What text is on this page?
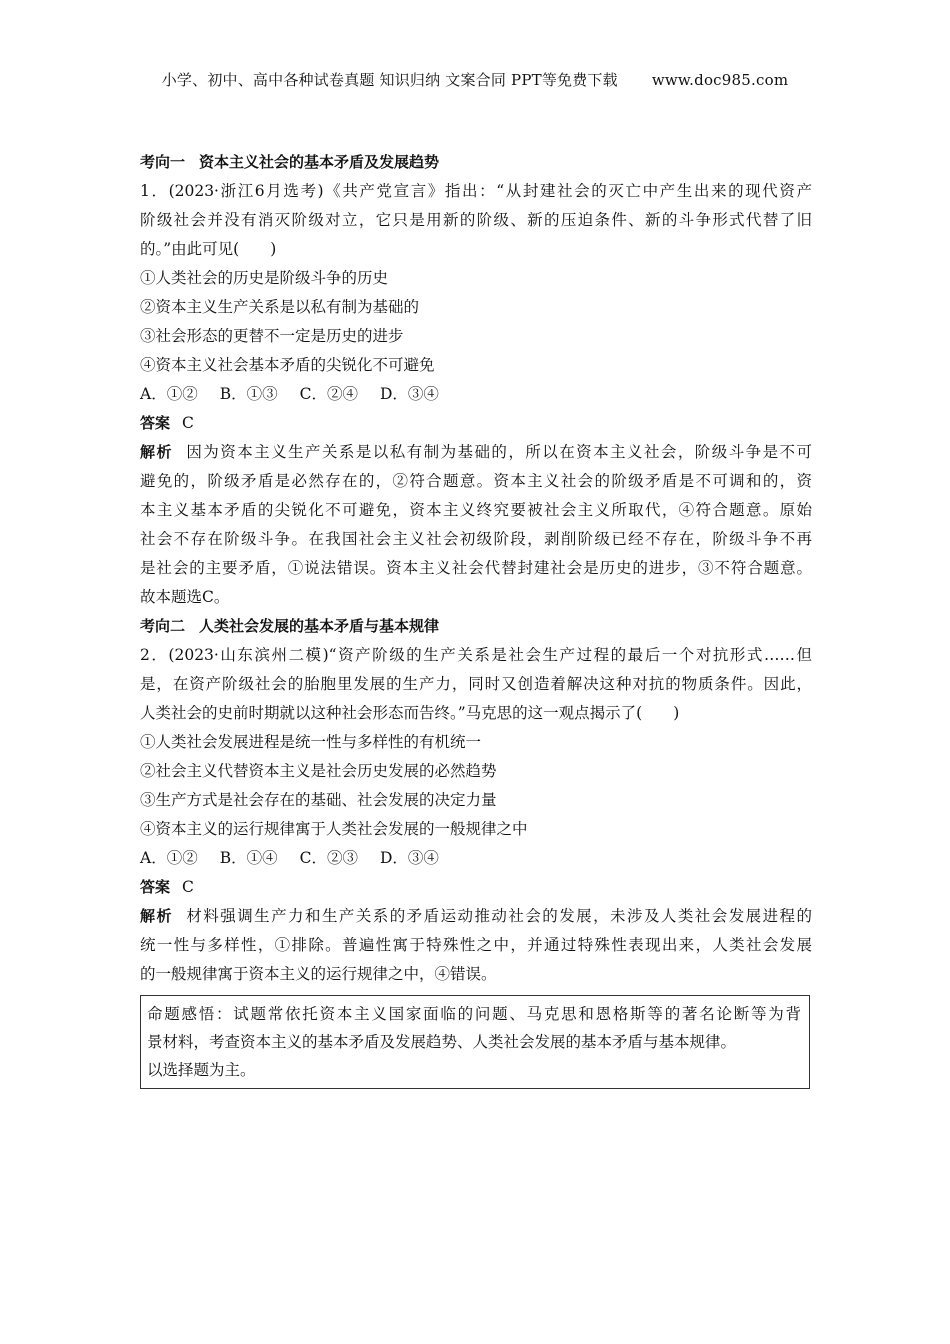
小学、初中、高中各种试卷真题 知识归纳 文案合同 PPT等免费下载 www.doc985.com
考向一 资本主义社会的基本矛盾及发展趋势
1．(2023·浙江6月选考)《共产党宣言》指出：“从封建社会的灭亡中产生出来的现代资产
阶级社会并没有消灭阶级对立，它只是用新的阶级、新的压迫条件、新的斗争形式代替了旧
的。”由此可见(　　)
①人类社会的历史是阶级斗争的历史
②资本主义生产关系是以私有制为基础的
③社会形态的更替不一定是历史的进步
④资本主义社会基本矛盾的尖锐化不可避免
A．①② B．①③ C．②④ D．③④
答案 C
解析 因为资本主义生产关系是以私有制为基础的，所以在资本主义社会，阶级斗争是不可
避免的，阶级矛盾是必然存在的，②符合题意。资本主义社会的阶级矛盾是不可调和的，资
本主义基本矛盾的尖锐化不可避免，资本主义终究要被社会主义所取代，④符合题意。原始
社会不存在阶级斗争。在我国社会主义社会初级阶段，剥削阶级已经不存在，阶级斗争不再
是社会的主要矛盾，①说法错误。资本主义社会代替封建社会是历史的进步，③不符合题意。
故本题选C。
考向二 人类社会发展的基本矛盾与基本规律
2．(2023·山东滨州二模)“资产阶级的生产关系是社会生产过程的最后一个对抗形式……但
是，在资产阶级社会的胎胞里发展的生产力，同时又创造着解决这种对抗的物质条件。因此，
人类社会的史前时期就以这种社会形态而告终。”马克思的这一观点揭示了(　　)
①人类社会发展进程是统一性与多样性的有机统一
②社会主义代替资本主义是社会历史发展的必然趋势
③生产方式是社会存在的基础、社会发展的决定力量
④资本主义的运行规律寓于人类社会发展的一般规律之中
A．①② B．①④ C．②③ D．③④
答案 C
解析 材料强调生产力和生产关系的矛盾运动推动社会的发展，未涉及人类社会发展进程的
统一性与多样性，①排除。普遍性寓于特殊性之中，并通过特殊性表现出来，人类社会发展
的一般规律寓于资本主义的运行规律之中，④错误。
命题感悟：试题常依托资本主义国家面临的问题、马克思和恩格斯等的著名论断等为背
景材料，考查资本主义的基本矛盾及发展趋势、人类社会发展的基本矛盾与基本规律。
以选择题为主。
